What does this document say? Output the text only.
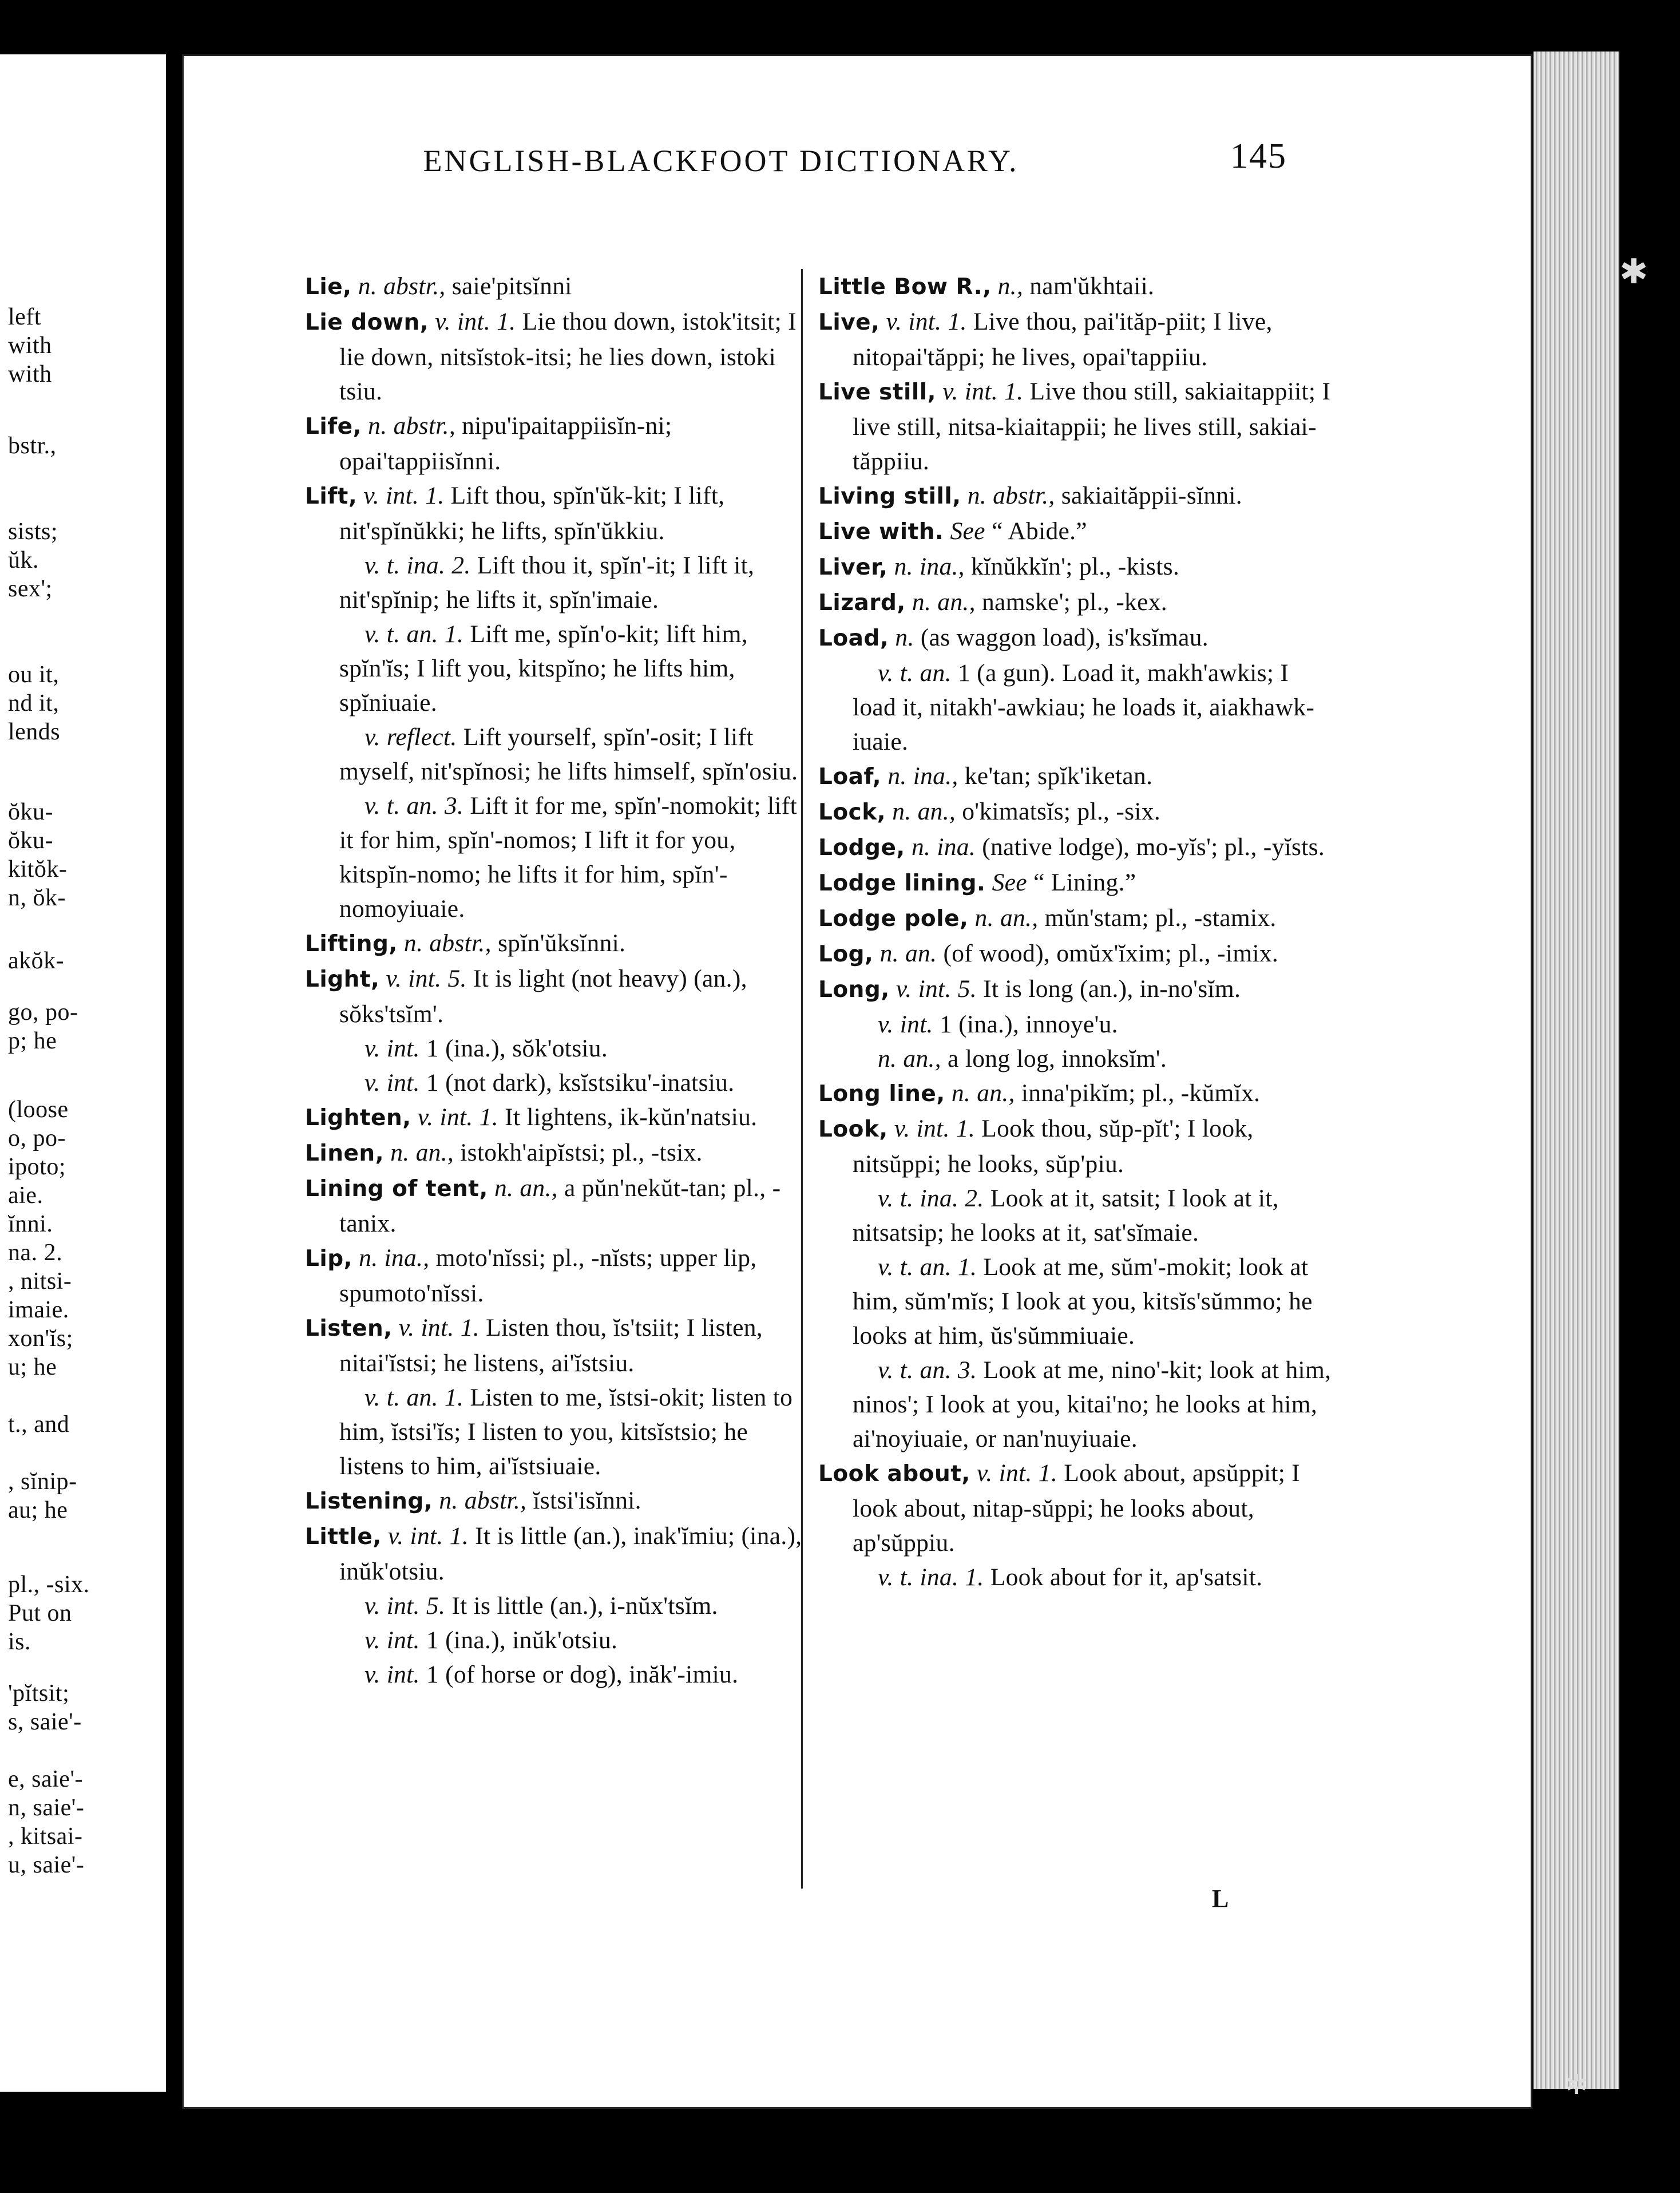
left
with
with
bstr.,
sists;
ŭk.
sex';
ou it,
nd it,
lends
ŏku-
ŏku-
kitŏk-
n, ŏk-
akŏk-
go, po-
p; he
(loose
o, po-
ipoto;
aie.
ĭnni.
na. 2.
, nitsi-
imaie.
xon'ĭs;
u; he
t., and
, sĭnip-
au; he
pl., -six.
Put on
is.
'pĭtsit;
s, saie'-
e, saie'-
n, saie'-
, kitsai-
u, saie'-
ENGLISH-BLACKFOOT DICTIONARY.	145

Lie, n. abstr., saie'pitsĭnni

Lie down, v. int. 1. Lie thou down, istok'itsit; I lie down, nitsĭstok-itsi; he lies down, istoki tsiu.

Life, n. abstr., nipu'ipaitappiisĭn-ni; opai'tappiisĭnni.

Lift, v. int. 1. Lift thou, spĭn'ŭk-kit; I lift, nit'spĭnŭkki; he lifts, spĭn'ŭkkiu.

v. t. ina. 2. Lift thou it, spĭn'-it; I lift it, nit'spĭnip; he lifts it, spĭn'imaie.

v. t. an. 1. Lift me, spĭn'o-kit; lift him, spĭn'ĭs; I lift you, kitspĭno; he lifts him, spĭniuaie.

v. reflect. Lift yourself, spĭn'-osit; I lift myself, nit'spĭnosi; he lifts himself, spĭn'osiu.

v. t. an. 3. Lift it for me, spĭn'-nomokit; lift it for him, spĭn'-nomos; I lift it for you, kitspĭn-nomo; he lifts it for him, spĭn'-nomoyiuaie.

Lifting, n. abstr., spĭn'ŭksĭnni.

Light, v. int. 5. It is light (not heavy) (an.), sŏks'tsĭm'.

v. int. 1 (ina.), sŏk'otsiu.

v. int. 1 (not dark), ksĭstsiku'-inatsiu.

Lighten, v. int. 1. It lightens, ik-kŭn'natsiu.

Linen, n. an., istokh'aipĭstsi; pl., -tsix.

Lining of tent, n. an., a pŭn'nekŭt-tan; pl., -tanix.

Lip, n. ina., moto'nĭssi; pl., -nĭsts; upper lip, spumoto'nĭssi.

Listen, v. int. 1. Listen thou, ĭs'tsiit; I listen, nitai'ĭstsi; he listens, ai'ĭstsiu.

v. t. an. 1. Listen to me, ĭstsi-okit; listen to him, ĭstsi'ĭs; I listen to you, kitsĭstsio; he listens to him, ai'ĭstsiuaie.

Listening, n. abstr., ĭstsi'isĭnni.

Little, v. int. 1. It is little (an.), inak'ĭmiu; (ina.), inŭk'otsiu.

v. int. 5. It is little (an.), i-nŭx'tsĭm.

v. int. 1 (ina.), inŭk'otsiu.

v. int. 1 (of horse or dog), inăk'-imiu.

Little Bow R., n., nam'ŭkhtaii.

Live, v. int. 1. Live thou, pai'ităp-piit; I live, nitopai'tăppi; he lives, opai'tappiiu.

Live still, v. int. 1. Live thou still, sakiaitappiit; I live still, nitsa-kiaitappii; he lives still, sakiai-tăppiiu.

Living still, n. abstr., sakiaităppii-sĭnni.

Live with. See “ Abide.”

Liver, n. ina., kĭnŭkkĭn'; pl., -kists.

Lizard, n. an., namske'; pl., -kex.

Load, n. (as waggon load), is'ksĭmau.

v. t. an. 1 (a gun). Load it, makh'awkis; I load it, nitakh'-awkiau; he loads it, aiakhawk-iuaie.

Loaf, n. ina., ke'tan; spĭk'iketan.

Lock, n. an., o'kimatsĭs; pl., -six.

Lodge, n. ina. (native lodge), mo-yĭs'; pl., -yĭsts.

Lodge lining. See “ Lining.”

Lodge pole, n. an., mŭn'stam; pl., -stamix.

Log, n. an. (of wood), omŭx'ĭxim; pl., -imix.

Long, v. int. 5. It is long (an.), in-no'sĭm.

v. int. 1 (ina.), innoye'u.

n. an., a long log, innoksĭm'.

Long line, n. an., inna'pikĭm; pl., -kŭmĭx.

Look, v. int. 1. Look thou, sŭp-pĭt'; I look, nitsŭppi; he looks, sŭp'piu.

v. t. ina. 2. Look at it, satsit; I look at it, nitsatsip; he looks at it, sat'sĭmaie.

v. t. an. 1. Look at me, sŭm'-mokit; look at him, sŭm'mĭs; I look at you, kitsĭs'sŭmmo; he looks at him, ŭs'sŭmmiuaie.

v. t. an. 3. Look at me, nino'-kit; look at him, ninos'; I look at you, kitai'no; he looks at him, ai'noyiuaie, or nan'nuyiuaie.

Look about, v. int. 1. Look about, apsŭppit; I look about, nitap-sŭppi; he looks about, ap'sŭppiu.

v. t. ina. 1. Look about for it, ap'satsit.

L
✱
✲
